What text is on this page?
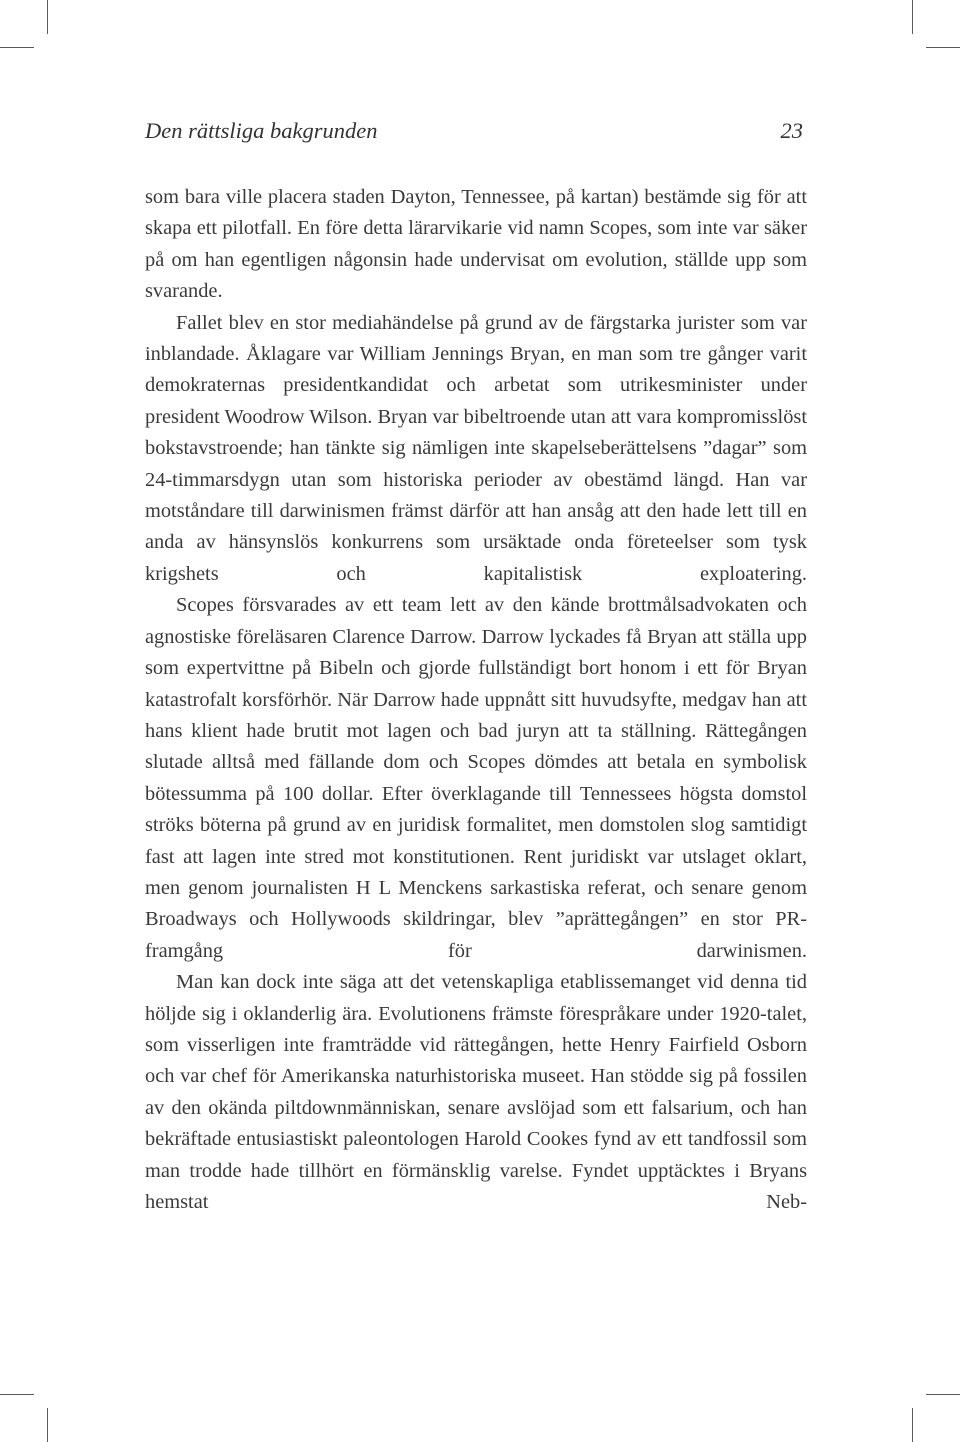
Den rättsliga bakgrunden	23

som bara ville placera staden Dayton, Tennessee, på kartan) bestämde sig för att skapa ett pilotfall. En före detta lärarvikarie vid namn Scopes, som inte var säker på om han egentligen någonsin hade undervisat om evolution, ställde upp som svarande.

Fallet blev en stor mediahändelse på grund av de färgstarka jurister som var inblandade. Åklagare var William Jennings Bryan, en man som tre gånger varit demokraternas presidentkandidat och arbetat som utrikesminister under president Woodrow Wilson. Bryan var bibeltroende utan att vara kompromisslöst bokstavstroende; han tänkte sig nämligen inte skapelseberättelsens ”dagar” som 24-timmarsdygn utan som historiska perioder av obestämd längd. Han var motståndare till darwinismen främst därför att han ansåg att den hade lett till en anda av hänsynslös konkurrens som ursäktade onda företeelser som tysk krigshets och kapitalistisk exploatering.

Scopes försvarades av ett team lett av den kände brottmålsadvokaten och agnostiske föreläsaren Clarence Darrow. Darrow lyckades få Bryan att ställa upp som expertvittne på Bibeln och gjorde fullständigt bort honom i ett för Bryan katastrofalt korsförhör. När Darrow hade uppnått sitt huvudsyfte, medgav han att hans klient hade brutit mot lagen och bad juryn att ta ställning. Rättegången slutade alltså med fällande dom och Scopes dömdes att betala en symbolisk bötessumma på 100 dollar. Efter överklagande till Tennessees högsta domstol ströks böterna på grund av en juridisk formalitet, men domstolen slog samtidigt fast att lagen inte stred mot konstitutionen. Rent juridiskt var utslaget oklart, men genom journalisten H L Menckens sarkastiska referat, och senare genom Broadways och Hollywoods skildringar, blev ”aprättegången” en stor PR-framgång för darwinismen.

Man kan dock inte säga att det vetenskapliga etablissemanget vid denna tid höljde sig i oklanderlig ära. Evolutionens främste förespråkare under 1920-talet, som visserligen inte framträdde vid rättegången, hette Henry Fairfield Osborn och var chef för Amerikanska naturhistoriska museet. Han stödde sig på fossilen av den okända piltdownmänniskan, senare avslöjad som ett falsarium, och han bekräftade entusiastiskt paleontologen Harold Cookes fynd av ett tandfossil som man trodde hade tillhört en förmänsklig varelse. Fyndet upptäcktes i Bryans hemstat Neb-
